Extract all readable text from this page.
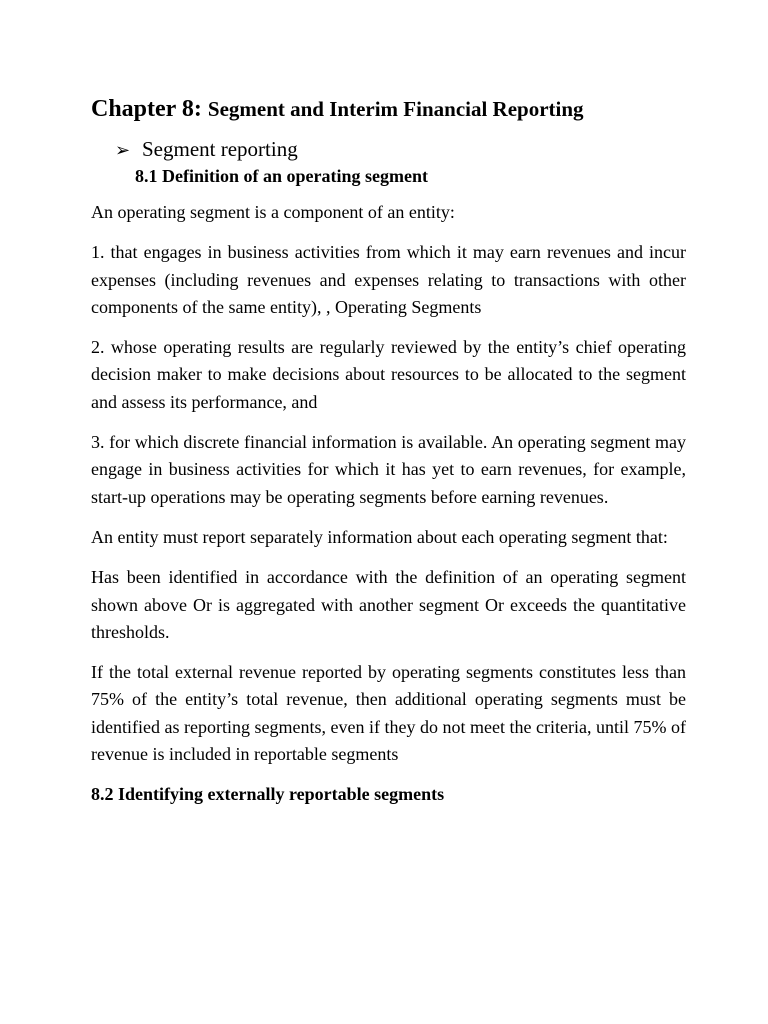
Chapter 8: Segment and Interim Financial Reporting
➢ Segment reporting
8.1 Definition of an operating segment

An operating segment is a component of an entity:

1. that engages in business activities from which it may earn revenues and incur expenses (including revenues and expenses relating to transactions with other components of the same entity), , Operating Segments

2. whose operating results are regularly reviewed by the entity’s chief operating decision maker to make decisions about resources to be allocated to the segment and assess its performance, and

3. for which discrete financial information is available. An operating segment may engage in business activities for which it has yet to earn revenues, for example, start-up operations may be operating segments before earning revenues.

An entity must report separately information about each operating segment that:

Has been identified in accordance with the definition of an operating segment shown above Or is aggregated with another segment Or exceeds the quantitative thresholds.

If the total external revenue reported by operating segments constitutes less than 75% of the entity’s total revenue, then additional operating segments must be identified as reporting segments, even if they do not meet the criteria, until 75% of revenue is included in reportable segments

8.2 Identifying externally reportable segments
